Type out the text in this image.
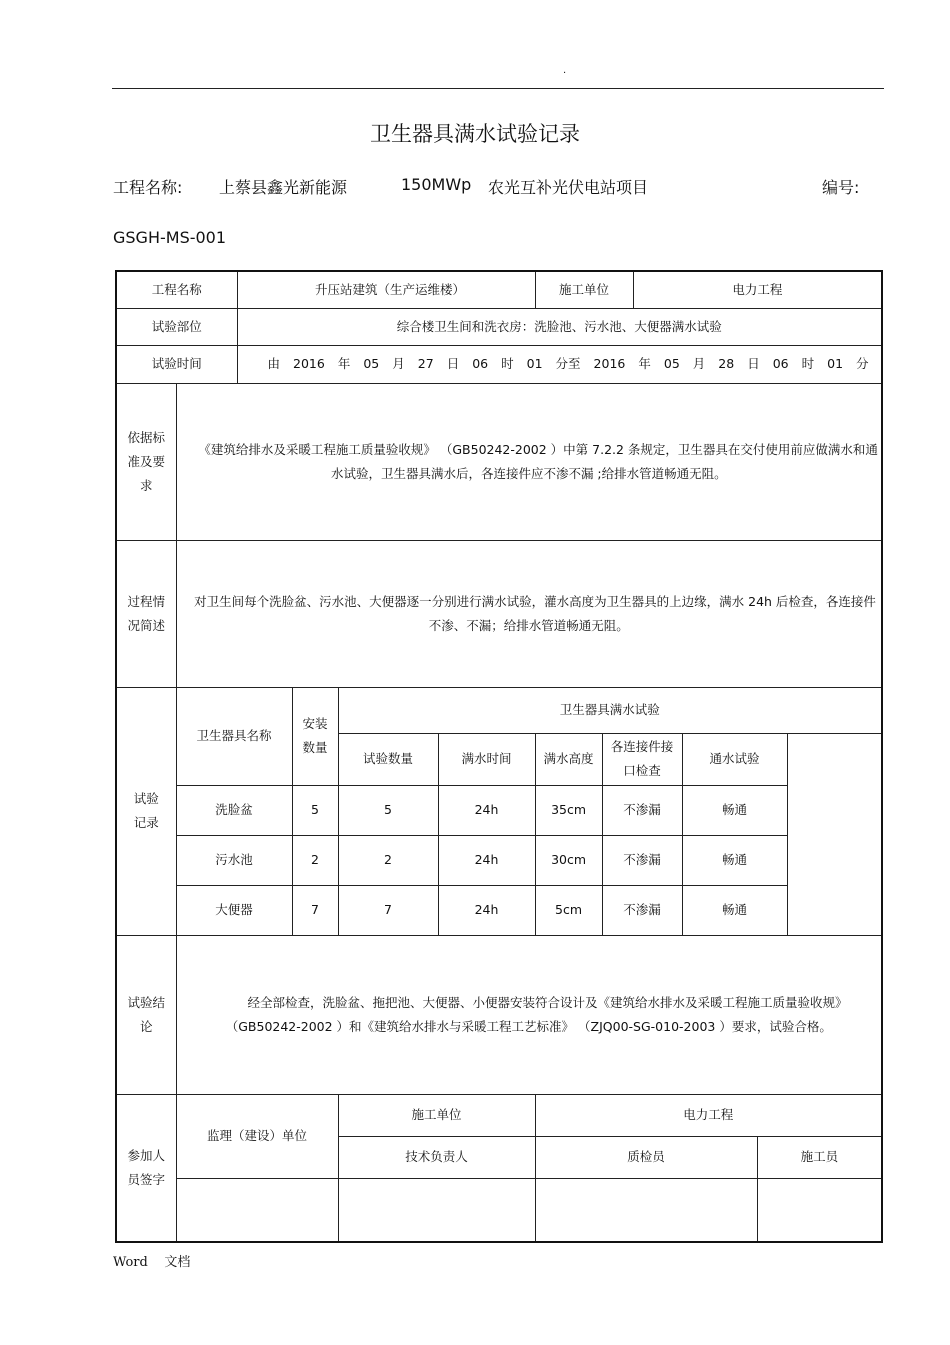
·
卫生器具满水试验记录
工程名称: 上蔡县鑫光新能源	150MWp 农光互补光伏电站项目	编号:
GSGH-MS-001
工程名称		升压站建筑（生产运维楼）				施工单位		电力工程		
试验部位		综合楼卫生间和洗衣房：洗脸池、污水池、大便器满水试验								
试验时间		由 2016 年 05 月 27 日 06 时 01 分至 2016 年 05 月 28 日 06 时 01 分								
依据标准及要求	《建筑给排水及采暖工程施工质量验收规》 （GB50242-2002 ）中第 7.2.2 条规定，卫生器具在交付使用前应做满水和通水试验，卫生器具满水后，各连接件应不渗不漏 ;给排水管道畅通无阻。									
过程情况简述	对卫生间每个洗脸盆、污水池、大便器逐一分别进行满水试验，灌水高度为卫生器具的上边缘，满水 24h 后检查，各连接件不渗、不漏；给排水管道畅通无阻。									
试验记录	卫生器具名称		安装数量	卫生器具满水试验						
				试验数量	满水时间	满水高度	各连接件接口检查		通水试验	
	洗脸盆		5	5	24h	35cm	不渗漏		畅通	
	污水池		2	2	24h	30cm	不渗漏		畅通	
	大便器		7	7	24h	5cm	不渗漏		畅通	
试验结论	经全部检查，洗脸盆、拖把池、大便器、小便器安装符合设计及《建筑给水排水及采暖工程施工质量验收规》（GB50242-2002 ）和《建筑给水排水与采暖工程工艺标准》 （ZJQ00-SG-010-2003 ）要求，试验合格。									
参加人员签字	监理（建设）单位			施工单位		电力工程				
				技术负责人		质检员				施工员

Word    文档
